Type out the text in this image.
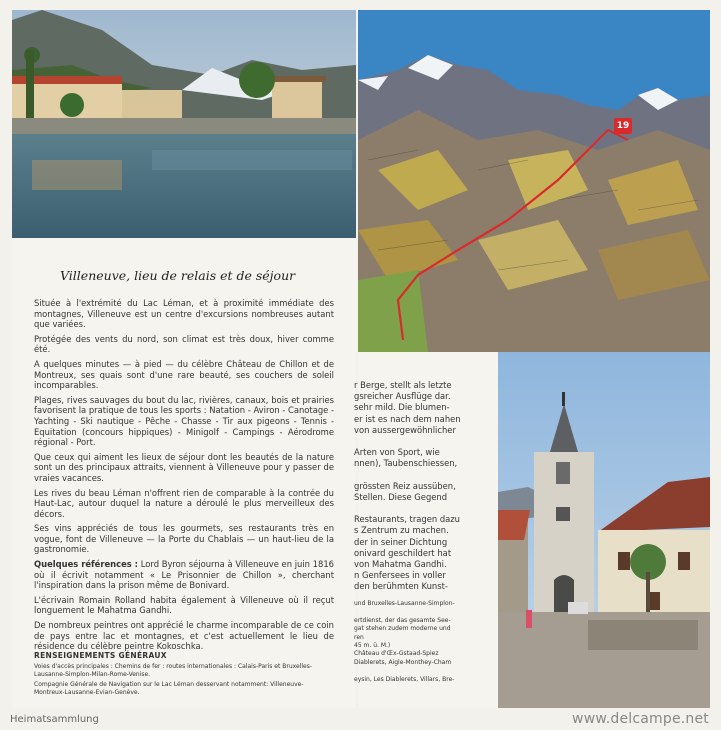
Villeneuve, lieu de relais et de séjour

Située à l'extrémité du Lac Léman, et à proximité immédiate des montagnes, Villeneuve est un centre d'excursions nombreuses autant que variées.

Protégée des vents du nord, son climat est très doux, hiver comme été.

A quelques minutes — à pied — du célèbre Château de Chillon et de Montreux, ses quais sont d'une rare beauté, ses couchers de soleil incomparables.

Plages, rives sauvages du bout du lac, rivières, canaux, bois et prairies favorisent la pratique de tous les sports : Natation - Aviron - Canotage - Yachting - Ski nautique - Pêche - Chasse - Tir aux pigeons - Tennis - Equitation (concours hippiques) - Minigolf - Campings - Aérodrome régional - Port.

Que ceux qui aiment les lieux de séjour dont les beautés de la nature sont un des principaux attraits, viennent à Villeneuve pour y passer de vraies vacances.

Les rives du beau Léman n'offrent rien de comparable à la contrée du Haut-Lac, autour duquel la nature a déroulé le plus merveilleux des décors.

Ses vins appréciés de tous les gourmets, ses restaurants très en vogue, font de Villeneuve — la Porte du Chablais — un haut-lieu de la gastronomie.

Quelques références : Lord Byron séjourna à Villeneuve en juin 1816 où il écrivit notamment « Le Prisonnier de Chillon », cherchant l'inspiration dans la prison même de Bonivard.

L'écrivain Romain Rolland habita également à Villeneuve où il reçut longuement le Mahatma Gandhi.

De nombreux peintres ont apprécié le charme incomparable de ce coin de pays entre lac et montagnes, et c'est actuellement le lieu de résidence du célèbre peintre Kokoschka.

RENSEIGNEMENTS GÉNÉRAUX

Voies d'accès principales : Chemins de fer : routes internationales : Calais-Paris et Bruxelles-Lausanne-Simplon-Milan-Rome-Venise.

Compagnie Générale de Navigation sur le Lac Léman desservant notamment: Villeneuve-Montreux-Lausanne-Evian-Genève.

19
r Berge, stellt als letzte
gsreicher Ausflüge dar.
sehr mild. Die blumen-
er ist es nach dem nahen
von aussergewöhnlicher
Arten von Sport, wie
nnen), Taubenschiessen,
grössten Reiz aussüben,
Stellen. Diese Gegend
Restaurants, tragen dazu
s Zentrum zu machen.
der in seiner Dichtung
onivard geschildert hat
von Mahatma Gandhi.
n Genfersees in voller
den berühmten Kunst-
und Bruxelles-Lausanne-Simplon-
ertdienst, der das gesamte See-
gat stehen zudem moderne und
ren
45 m. ü. M.)
Château d'Œx-Gstaad-Spiez
Diablerets, Aigle-Monthey-Cham
eysin, Les Diablerets, Villars, Bre-
Heimatsammlung	www.delcampe.net
